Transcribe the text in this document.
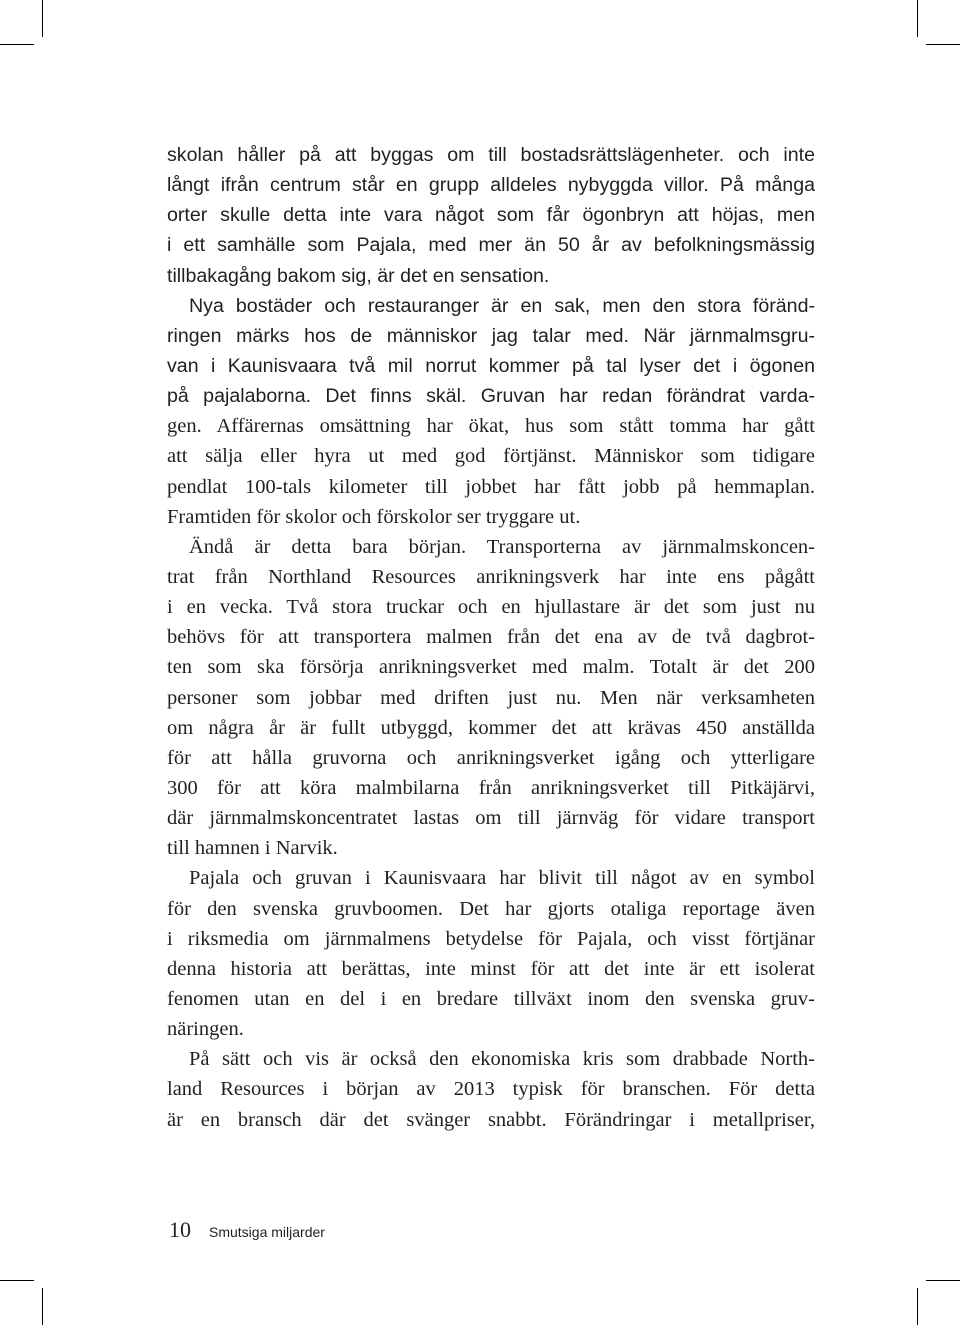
skolan håller på att byggas om till bostadsrättslägenheter. och inte
långt ifrån centrum står en grupp alldeles nybyggda villor. På många
orter skulle detta inte vara något som får ögonbryn att höjas, men
i ett samhälle som Pajala, med mer än 50 år av befolkningsmässig
tillbakagång bakom sig, är det en sensation.
Nya bostäder och restauranger är en sak, men den stora föränd-
ringen märks hos de människor jag talar med. När järnmalmsgru-
van i Kaunisvaara två mil norrut kommer på tal lyser det i ögonen
på pajalaborna. Det finns skäl. Gruvan har redan förändrat varda-
gen. Affärernas omsättning har ökat, hus som stått tomma har gått
att sälja eller hyra ut med god förtjänst. Människor som tidigare
pendlat 100-tals kilometer till jobbet har fått jobb på hemmaplan.
Framtiden för skolor och förskolor ser tryggare ut.
Ändå är detta bara början. Transporterna av järnmalmskoncen-
trat från Northland Resources anrikningsverk har inte ens pågått
i en vecka. Två stora truckar och en hjullastare är det som just nu
behövs för att transportera malmen från det ena av de två dagbrot-
ten som ska försörja anrikningsverket med malm. Totalt är det 200
personer som jobbar med driften just nu. Men när verksamheten
om några år är fullt utbyggd, kommer det att krävas 450 anställda
för att hålla gruvorna och anrikningsverket igång och ytterligare
300 för att köra malmbilarna från anrikningsverket till Pitkäjärvi,
där järnmalmskoncentratet lastas om till järnväg för vidare transport
till hamnen i Narvik.
Pajala och gruvan i Kaunisvaara har blivit till något av en symbol
för den svenska gruvboomen. Det har gjorts otaliga reportage även
i riksmedia om järnmalmens betydelse för Pajala, och visst förtjänar
denna historia att berättas, inte minst för att det inte är ett isolerat
fenomen utan en del i en bredare tillväxt inom den svenska gruv-
näringen.
På sätt och vis är också den ekonomiska kris som drabbade North-
land Resources i början av 2013 typisk för branschen. För detta
är en bransch där det svänger snabbt. Förändringar i metallpriser,
10 Smutsiga miljarder
